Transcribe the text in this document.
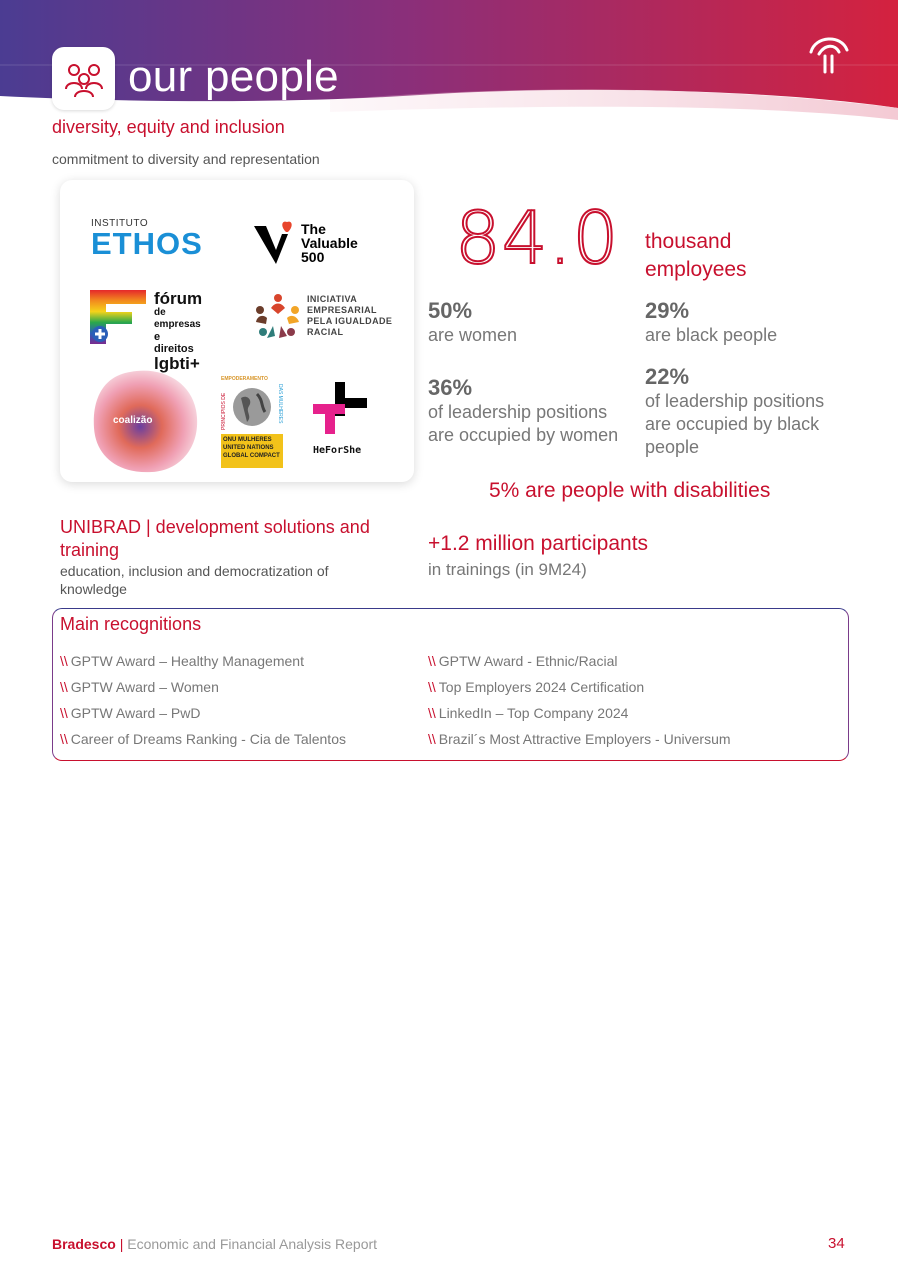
our people
diversity, equity and inclusion
commitment to diversity and representation
INSTITUTO
ETHOS	The
Valuable
500
fórum
de empresas
e direitos
lgbti+
INICIATIVA
EMPRESARIAL
PELA IGUALDADE
RACIAL
coalizão
EMPODERAMENTO
PRINCÍPIOS DE	DAS MULHERES
ONU MULHERES
UNITED NATIONS
GLOBAL COMPACT	HeForShe
84.0 thousand
employees
50%
are women
29%
are black people
36%
of leadership positions
are occupied by women
22%
of leadership positions
are occupied by black
people
5% are people with disabilities
UNIBRAD | development solutions and training
education, inclusion and democratization of knowledge
+1.2 million participants
in trainings (in 9M24)
Main recognitions
\\ GPTW Award – Healthy Management
\\ GPTW Award – Women
\\ GPTW Award – PwD
\\ Career of Dreams Ranking - Cia de Talentos
\\ GPTW Award - Ethnic/Racial
\\ Top Employers 2024 Certification
\\ LinkedIn – Top Company 2024
\\ Brazil´s Most Attractive Employers - Universum
Bradesco | Economic and Financial Analysis Report	34
